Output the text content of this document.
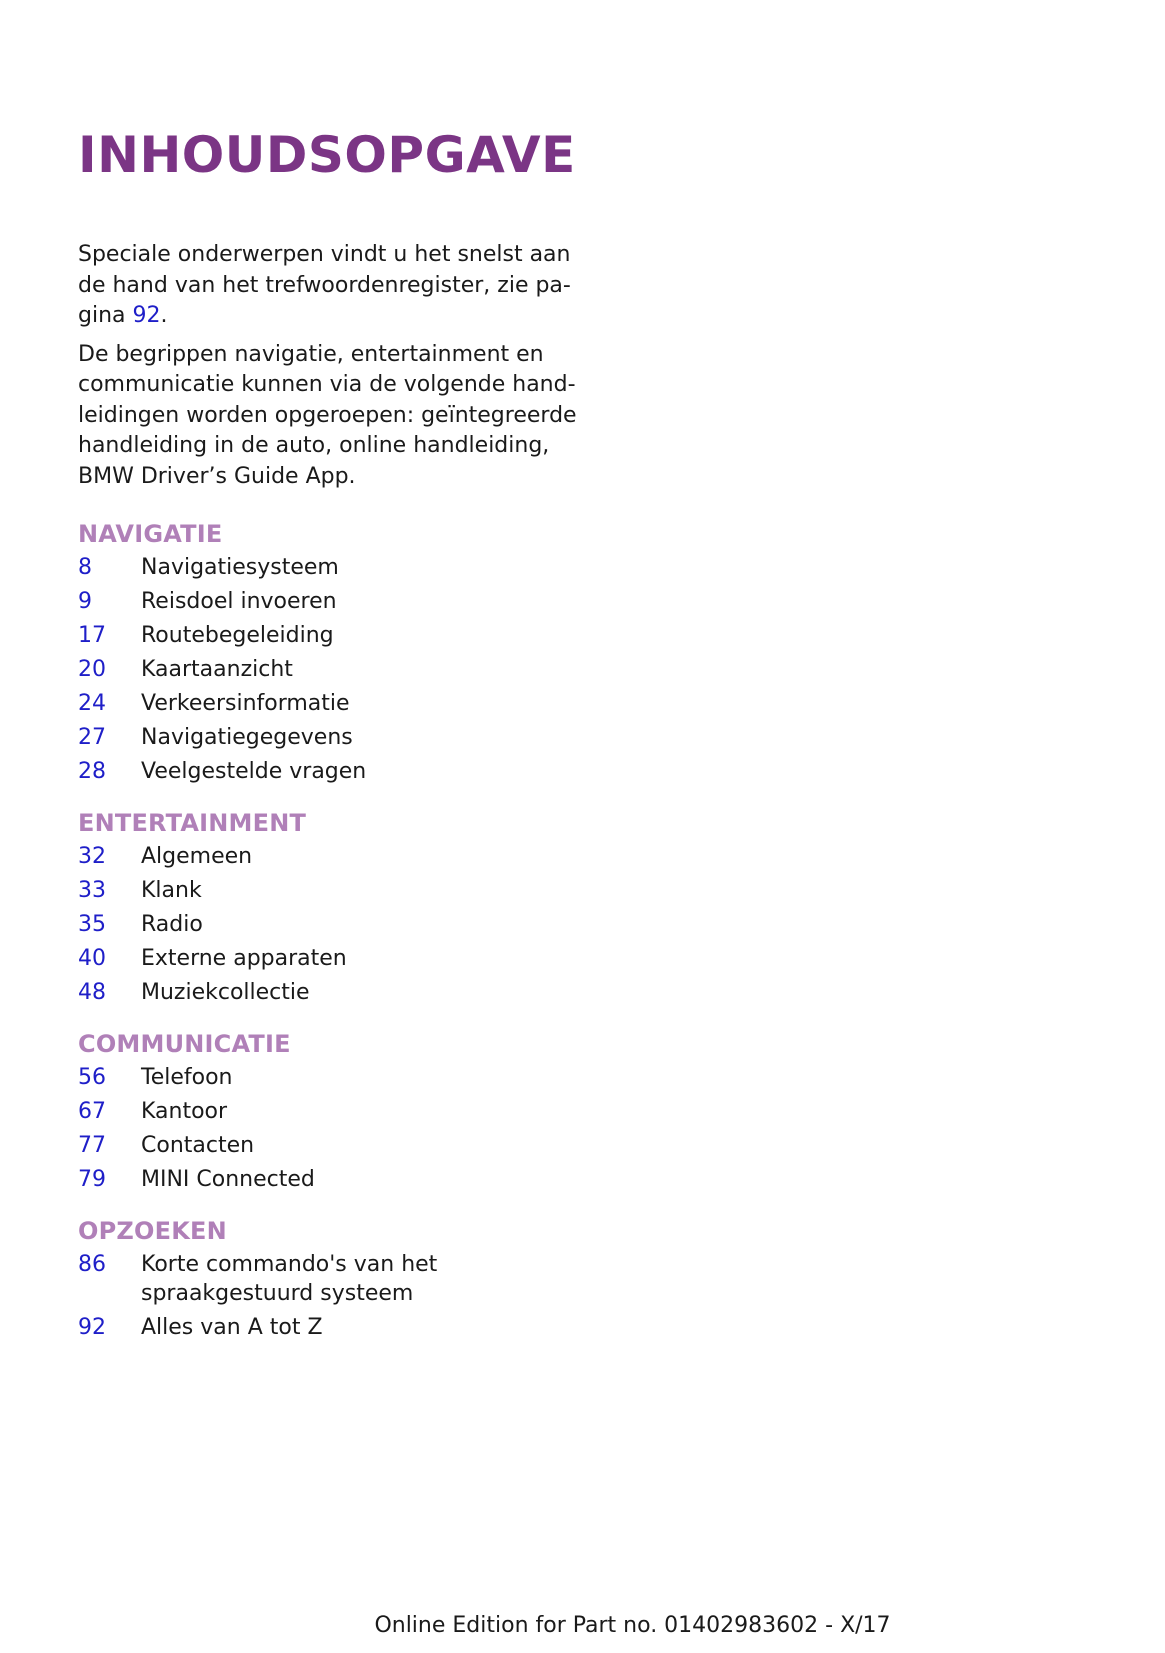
INHOUDSOPGAVE

Speciale onderwerpen vindt u het snelst aan de hand van het trefwoordenregister, zie pa-gina 92.

De begrippen navigatie, entertainment en communicatie kunnen via de volgende hand-leidingen worden opgeroepen: geïntegreerde handleiding in de auto, online handleiding, BMW Driver’s Guide App.

NAVIGATIE
8	Navigatiesysteem
9	Reisdoel invoeren
17	Routebegeleiding
20	Kaartaanzicht
24	Verkeersinformatie
27	Navigatiegegevens
28	Veelgestelde vragen
ENTERTAINMENT
32	Algemeen
33	Klank
35	Radio
40	Externe apparaten
48	Muziekcollectie
COMMUNICATIE
56	Telefoon
67	Kantoor
77	Contacten
79	MINI Connected
OPZOEKEN
86	Korte commando's van het spraakgestuurd systeem
92	Alles van A tot Z
Online Edition for Part no. 01402983602 - X/17
